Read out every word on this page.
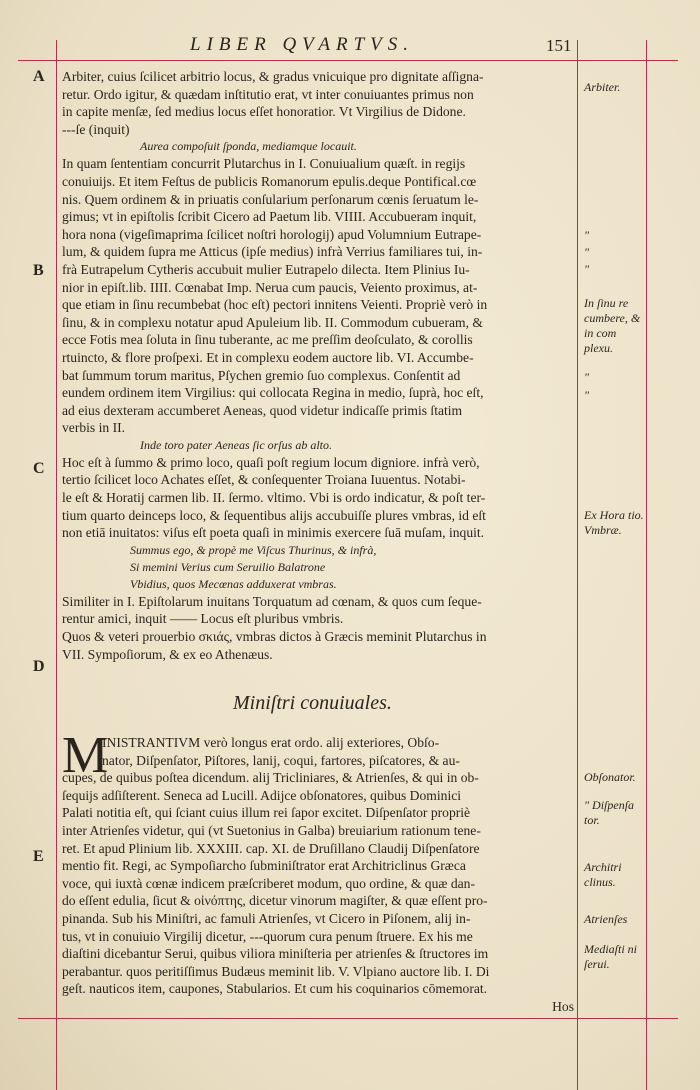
LIBER QVARTVS.	151
A
B
C
D
E
Arbiter, cuius ſcilicet arbitrio locus, & gradus vnicuique pro dignitate aſſigna-
retur. Ordo igitur, & quædam inſtitutio erat, vt inter conuiuantes primus non
in capite menſæ, ſed medius locus eſſet honoratior. Vt Virgilius de Didone.
---ſe (inquit)
Aurea compoſuit ſponda, mediamque locauit.
In quam ſententiam concurrit Plutarchus in I. Conuiualium quæſt. in regijs
conuiuijs. Et item Feſtus de publicis Romanorum epulis.deque Pontifical.cœ
nis. Quem ordinem & in priuatis conſularium perſonarum cœnis ſeruatum le-
gimus; vt in epiſtolis ſcribit Cicero ad Paetum lib. VIIII. Accubueram inquit,
hora nona (vigeſimaprima ſcilicet noſtri horologij) apud Volumnium Eutrape-
lum, & quidem ſupra me Atticus (ipſe medius) infrà Verrius familiares tui, in-
frà Eutrapelum Cytheris accubuit mulier Eutrapelo dilecta. Item Plinius Iu-
nior in epiſt.lib. IIII. Cœnabat Imp. Nerua cum paucis, Veiento proximus, at-
que etiam in ſinu recumbebat (hoc eſt) pectori innitens Veienti. Propriè verò in
ſinu, & in complexu notatur apud Apuleium lib. II. Commodum cubueram, &
ecce Fotis mea ſoluta in ſinu tuberante, ac me preſſim deoſculato, & corollis
rtuincto, & flore proſpexi. Et in complexu eodem auctore lib. VI. Accumbe-
bat ſummum torum maritus, Pſychen gremio ſuo complexus. Conſentit ad
eundem ordinem item Virgilius: qui collocata Regina in medio, ſuprà, hoc eſt,
ad eius dexteram accumberet Aeneas, quod videtur indicaſſe primis ſtatim
verbis in II.
Inde toro pater Aeneas ſic orſus ab alto.
Hoc eſt à ſummo & primo loco, quaſi poſt regium locum digniore. infrà verò,
tertio ſcilicet loco Achates eſſet, & conſequenter Troiana Iuuentus. Notabi-
le eſt & Horatij carmen lib. II. ſermo. vltimo. Vbi is ordo indicatur, & poſt ter-
tium quarto deinceps loco, & ſequentibus alijs accubuiſſe plures vmbras, id eſt
non etiā inuitatos: viſus eſt poeta quaſi in minimis exercere ſuā muſam, inquit.
Summus ego, & propè me Viſcus Thurinus, & infrà,
Si memini Verius cum Seruilio Balatrone
Vbidius, quos Mecœnas adduxerat vmbras.
Similiter in I. Epiſtolarum inuitans Torquatum ad cœnam, & quos cum ſeque-
rentur amici, inquit —— Locus eſt pluribus vmbris.
Quos & veteri prouerbio σκιάς, vmbras dictos à Græcis meminit Plutarchus in
VII. Sympoſiorum, & ex eo Athenæus.
Miniſtri conuiuales.
M
INISTRANTIVM verò longus erat ordo. alij exteriores, Obſo-
nator, Diſpenſator, Piſtores, lanij, coqui, fartores, piſcatores, & au-
cupes, de quibus poſtea dicendum. alij Tricliniares, & Atrienſes, & qui in ob-
ſequijs adſiſterent. Seneca ad Lucill. Adijce obſonatores, quibus Dominici
Palati notitia eſt, qui ſciant cuius illum rei ſapor excitet. Diſpenſator propriè
inter Atrienſes videtur, qui (vt Suetonius in Galba) breuiarium rationum tene-
ret. Et apud Plinium lib. XXXIII. cap. XI. de Druſillano Claudij Diſpenſatore
mentio fit. Regi, ac Sympoſiarcho ſubminiſtrator erat Architriclinus Græca
voce, qui iuxtà cœnæ indicem præſcriberet modum, quo ordine, & quæ dan-
do eſſent edulia, ſicut & οἰνόπτης, dicetur vinorum magiſter, & quæ eſſent pro-
pinanda. Sub his Miniſtri, ac famuli Atrienſes, vt Cicero in Piſonem, alij in-
tus, vt in conuiuio Virgilij dicetur, ---quorum cura penum ſtruere. Ex his me
diaſtini dicebantur Serui, quibus viliora miniſteria per atrienſes & ſtructores im
perabantur. quos peritiſſimus Budæus meminit lib. V. Vlpiano auctore lib. I. Di
geſt. nauticos item, caupones, Stabularios. Et cum his coquinarios cōmemorat.
Hos
Arbiter.
"
"
"
In ſinu re cumbere, & in com plexu.
"
"
Ex Hora tio. Vmbræ.
Obſonator.
" Diſpenſa tor.
Architri clinus.
Atrienſes
Mediaſti ni ſerui.
